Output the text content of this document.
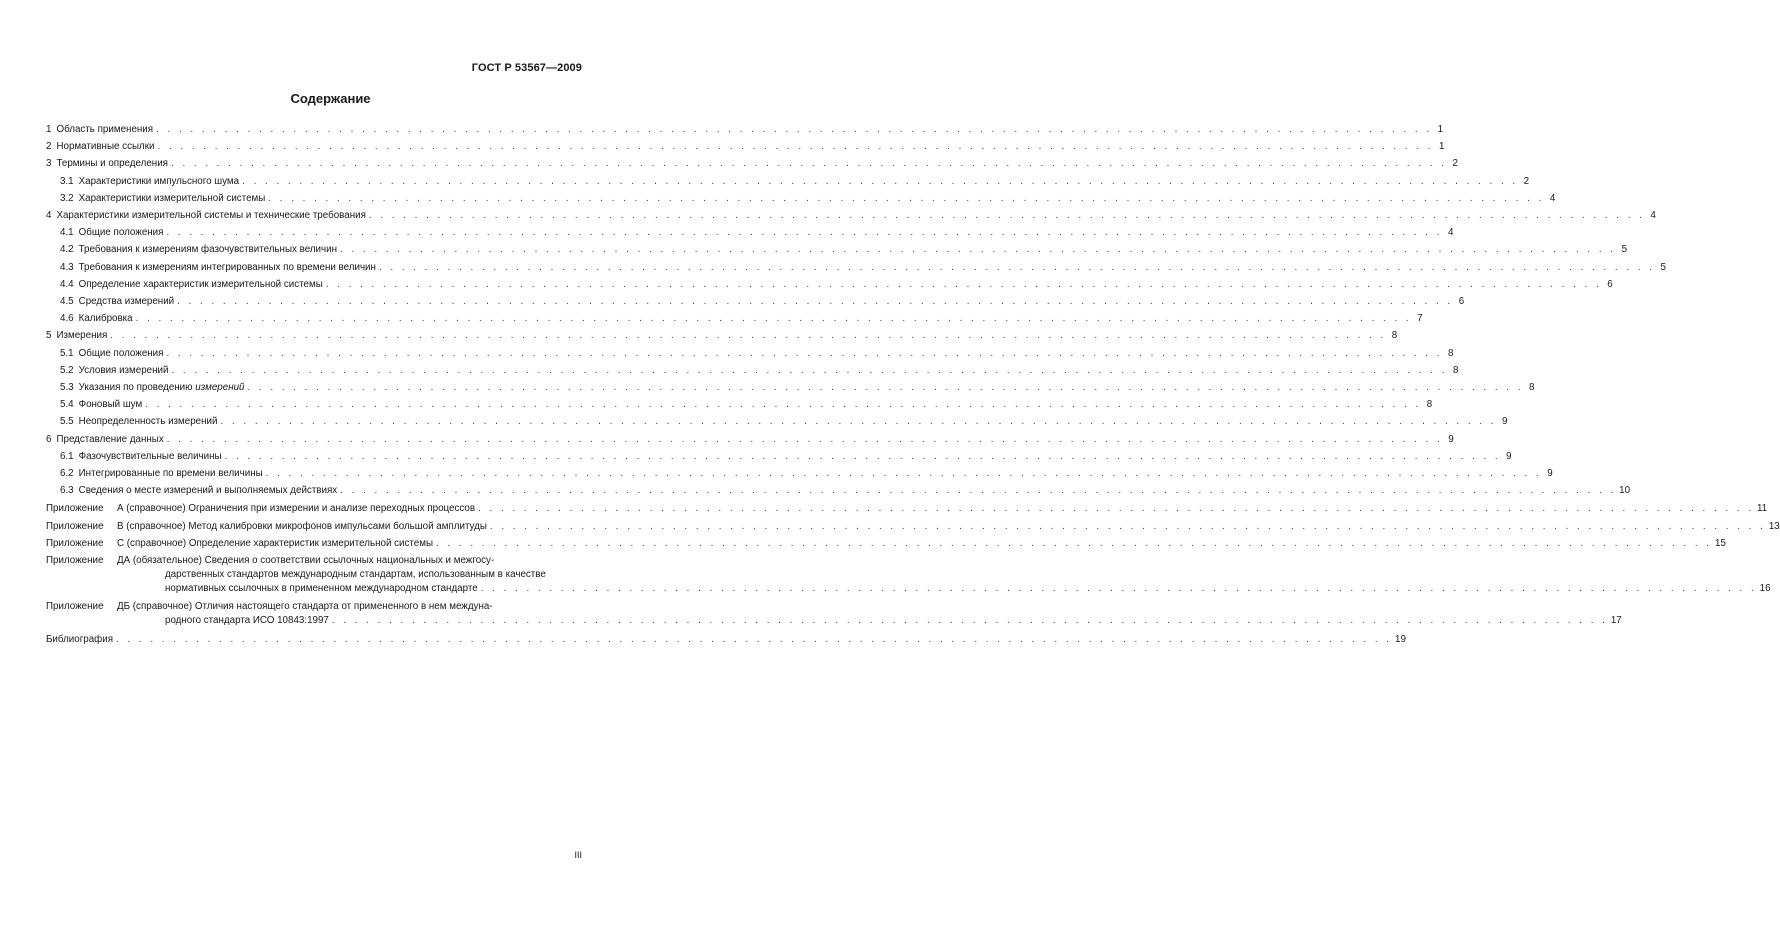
ГОСТ Р 53567—2009
Содержание
1 Область применения . . .	1
2 Нормативные ссылки . . .	1
3 Термины и определения . . .	2
3.1 Характеристики импульсного шума . . .	2
3.2 Характеристики измерительной системы . . .	4
4 Характеристики измерительной системы и технические требования . . .	4
4.1 Общие положения . . .	4
4.2 Требования к измерениям фазочувствительных величин . . .	5
4.3 Требования к измерениям интегрированных по времени величин . . .	5
4.4 Определение характеристик измерительной системы . . .	6
4.5 Средства измерений . . .	6
4.6 Калибровка . . .	7
5 Измерения . . .	8
5.1 Общие положения . . .	8
5.2 Условия измерений . . .	8
5.3 Указания по проведению измерений . . .	8
5.4 Фоновый шум . . .	8
5.5 Неопределенность измерений . . .	9
6 Представление данных . . .	9
6.1 Фазочувствительные величины . . .	9
6.2 Интегрированные по времени величины . . .	9
6.3 Сведения о месте измерений и выполняемых действиях . . .	10
Приложение	А (справочное) Ограничения при измерении и анализе переходных процессов . . .	11
Приложение	В (справочное) Метод калибровки микрофонов импульсами большой амплитуды . . .	13
Приложение	С (справочное) Определение характеристик измерительной системы . . .	15
Приложение	ДА (обязательное) Сведения о соответствии ссылочных национальных и межгосу-
дарственных стандартов международным стандартам, использованным в качестве
нормативных ссылочных в примененном международном стандарте . . .	16
Приложение	ДБ (справочное) Отличия настоящего стандарта от примененного в нем междуна-
родного стандарта ИСО 10843:1997 . . .	17
Библиография . . .	19
III
